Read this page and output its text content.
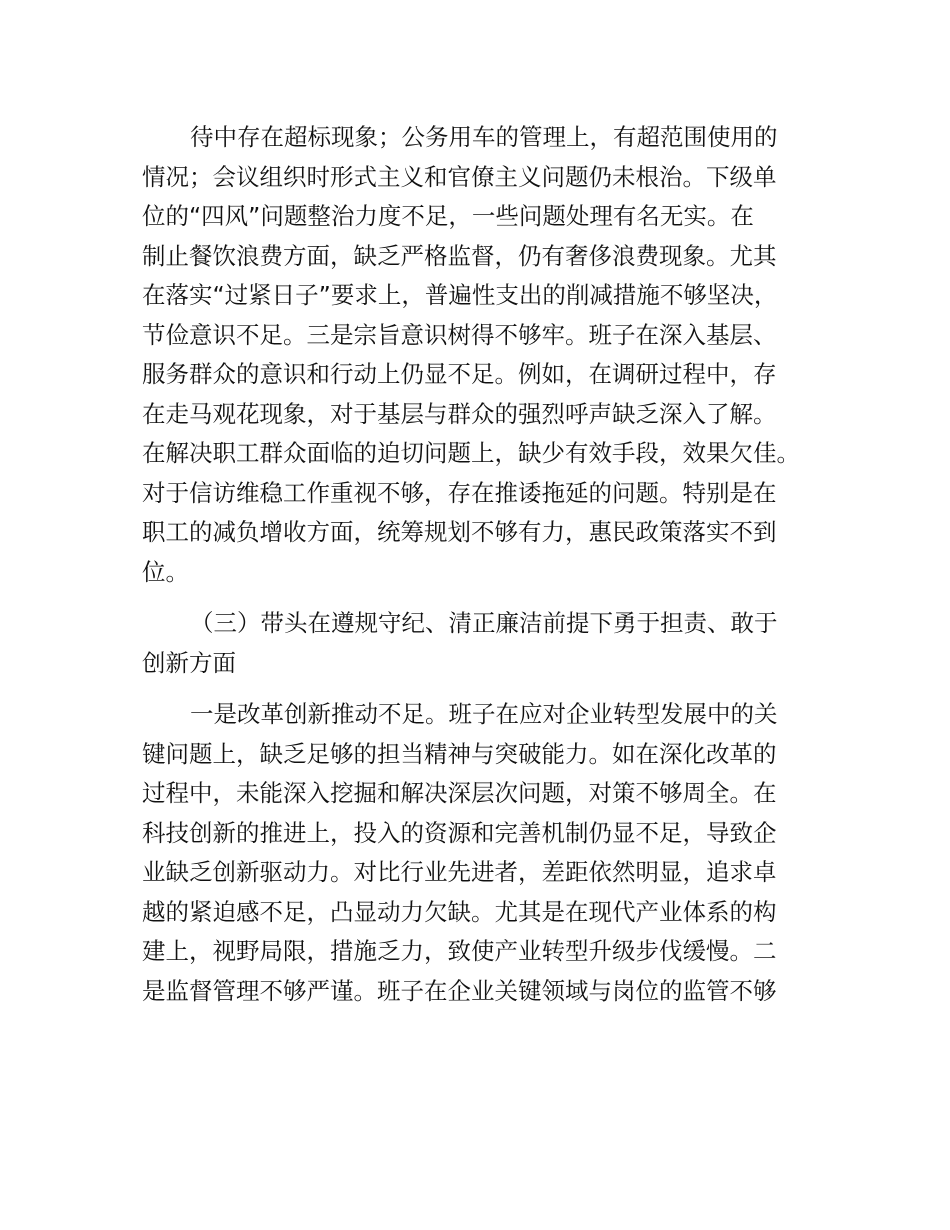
待中存在超标现象；公务用车的管理上，有超范围使用的
情况；会议组织时形式主义和官僚主义问题仍未根治。下级单
位的“四风”问题整治力度不足，一些问题处理有名无实。在
制止餐饮浪费方面，缺乏严格监督，仍有奢侈浪费现象。尤其
在落实“过紧日子”要求上，普遍性支出的削减措施不够坚决，
节俭意识不足。三是宗旨意识树得不够牢。班子在深入基层、
服务群众的意识和行动上仍显不足。例如，在调研过程中，存
在走马观花现象，对于基层与群众的强烈呼声缺乏深入了解。
在解决职工群众面临的迫切问题上，缺少有效手段，效果欠佳。
对于信访维稳工作重视不够，存在推诿拖延的问题。特别是在
职工的减负增收方面，统筹规划不够有力，惠民政策落实不到
位。
（三）带头在遵规守纪、清正廉洁前提下勇于担责、敢于
创新方面
一是改革创新推动不足。班子在应对企业转型发展中的关
键问题上，缺乏足够的担当精神与突破能力。如在深化改革的
过程中，未能深入挖掘和解决深层次问题，对策不够周全。在
科技创新的推进上，投入的资源和完善机制仍显不足，导致企
业缺乏创新驱动力。对比行业先进者，差距依然明显，追求卓
越的紧迫感不足，凸显动力欠缺。尤其是在现代产业体系的构
建上，视野局限，措施乏力，致使产业转型升级步伐缓慢。二
是监督管理不够严谨。班子在企业关键领域与岗位的监管不够
